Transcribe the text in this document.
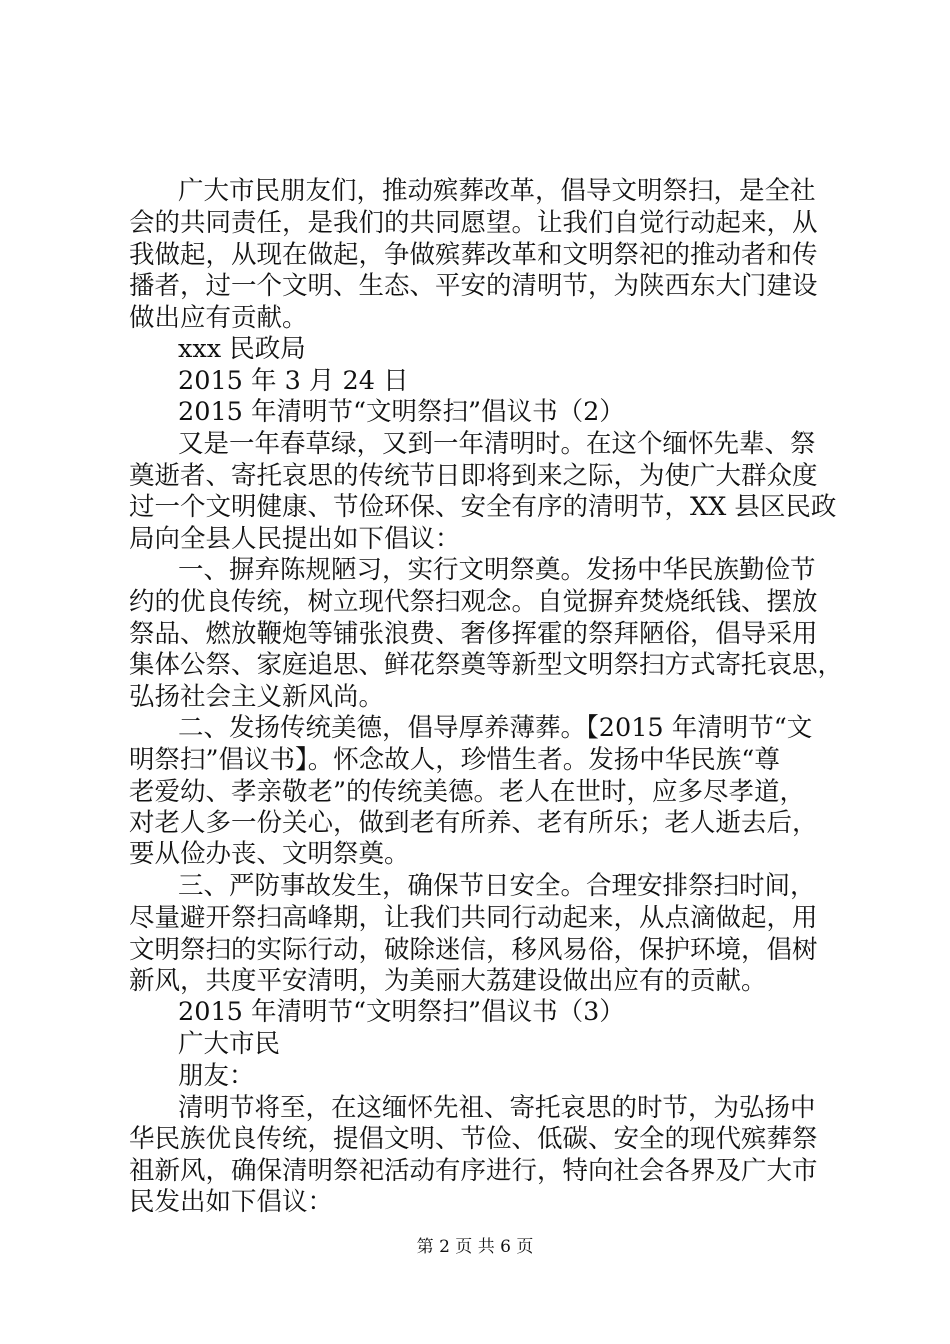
广大市民朋友们，推动殡葬改革，倡导文明祭扫，是全社
会的共同责任，是我们的共同愿望。让我们自觉行动起来，从
我做起，从现在做起，争做殡葬改革和文明祭祀的推动者和传
播者，过一个文明、生态、平安的清明节，为陕西东大门建设
做出应有贡献。
xxx 民政局
2015 年 3 月 24 日
2015 年清明节“文明祭扫”倡议书（2）
又是一年春草绿，又到一年清明时。在这个缅怀先辈、祭
奠逝者、寄托哀思的传统节日即将到来之际，为使广大群众度
过一个文明健康、节俭环保、安全有序的清明节，XX 县区民政
局向全县人民提出如下倡议：
一、摒弃陈规陋习，实行文明祭奠。发扬中华民族勤俭节
约的优良传统，树立现代祭扫观念。自觉摒弃焚烧纸钱、摆放
祭品、燃放鞭炮等铺张浪费、奢侈挥霍的祭拜陋俗，倡导采用
集体公祭、家庭追思、鲜花祭奠等新型文明祭扫方式寄托哀思，
弘扬社会主义新风尚。
二、发扬传统美德，倡导厚养薄葬。【2015 年清明节“文
明祭扫”倡议书】。怀念故人，珍惜生者。发扬中华民族“尊
老爱幼、孝亲敬老”的传统美德。老人在世时，应多尽孝道，
对老人多一份关心，做到老有所养、老有所乐；老人逝去后，
要从俭办丧、文明祭奠。
三、严防事故发生，确保节日安全。合理安排祭扫时间，
尽量避开祭扫高峰期，让我们共同行动起来，从点滴做起，用
文明祭扫的实际行动，破除迷信，移风易俗，保护环境，倡树
新风，共度平安清明，为美丽大荔建设做出应有的贡献。
2015 年清明节“文明祭扫”倡议书（3）
广大市民
朋友：
清明节将至，在这缅怀先祖、寄托哀思的时节，为弘扬中
华民族优良传统，提倡文明、节俭、低碳、安全的现代殡葬祭
祖新风，确保清明祭祀活动有序进行，特向社会各界及广大市
民发出如下倡议：
第 2 页 共 6 页
